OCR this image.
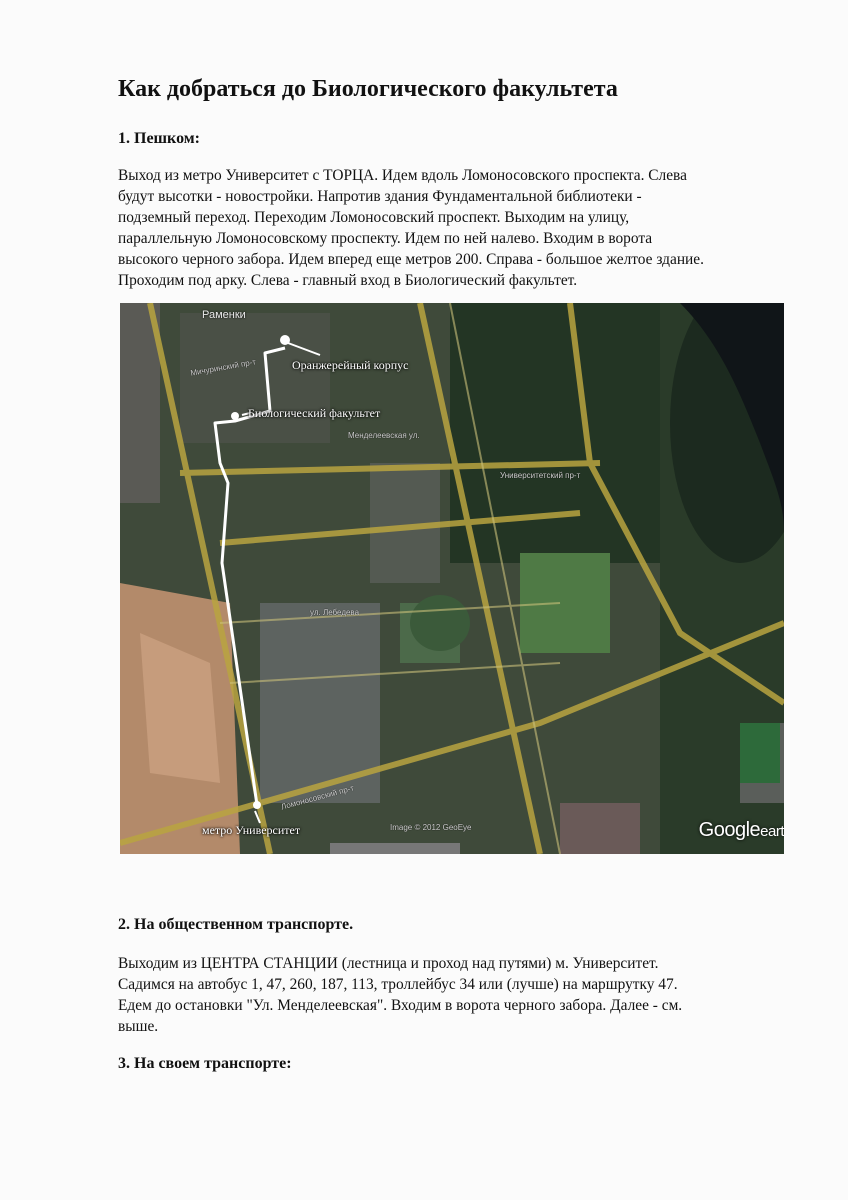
Как добраться до Биологического факультета
1. Пешком:

Выход из метро Университет с ТОРЦА. Идем вдоль Ломоносовского проспекта. Слева
будут высотки - новостройки. Напротив здания Фундаментальной библиотеки -
подземный переход. Переходим Ломоносовский проспект. Выходим на улицу,
параллельную Ломоносовскому проспекту. Идем по ней налево. Входим в ворота
высокого черного забора. Идем вперед еще метров 200. Справа - большое желтое здание.
Проходим под арку. Слева - главный вход в Биологический факультет.

Оранжерейный корпус
Биологический факультет
метро Университет
Раменки
Мичуринский пр-т
Менделеевская ул.
ул. Лебедева
Университетский пр-т
Ломоносовский пр-т
Image © 2012 GeoEye	Googleeart
2. На общественном транспорте.

Выходим из ЦЕНТРА СТАНЦИИ (лестница и проход над путями) м. Университет.
Садимся на автобус 1, 47, 260, 187, 113, троллейбус 34 или (лучше) на маршрутку 47.
Едем до остановки "Ул. Менделеевская". Входим в ворота черного забора. Далее - см.
выше.

3. На своем транспорте:
